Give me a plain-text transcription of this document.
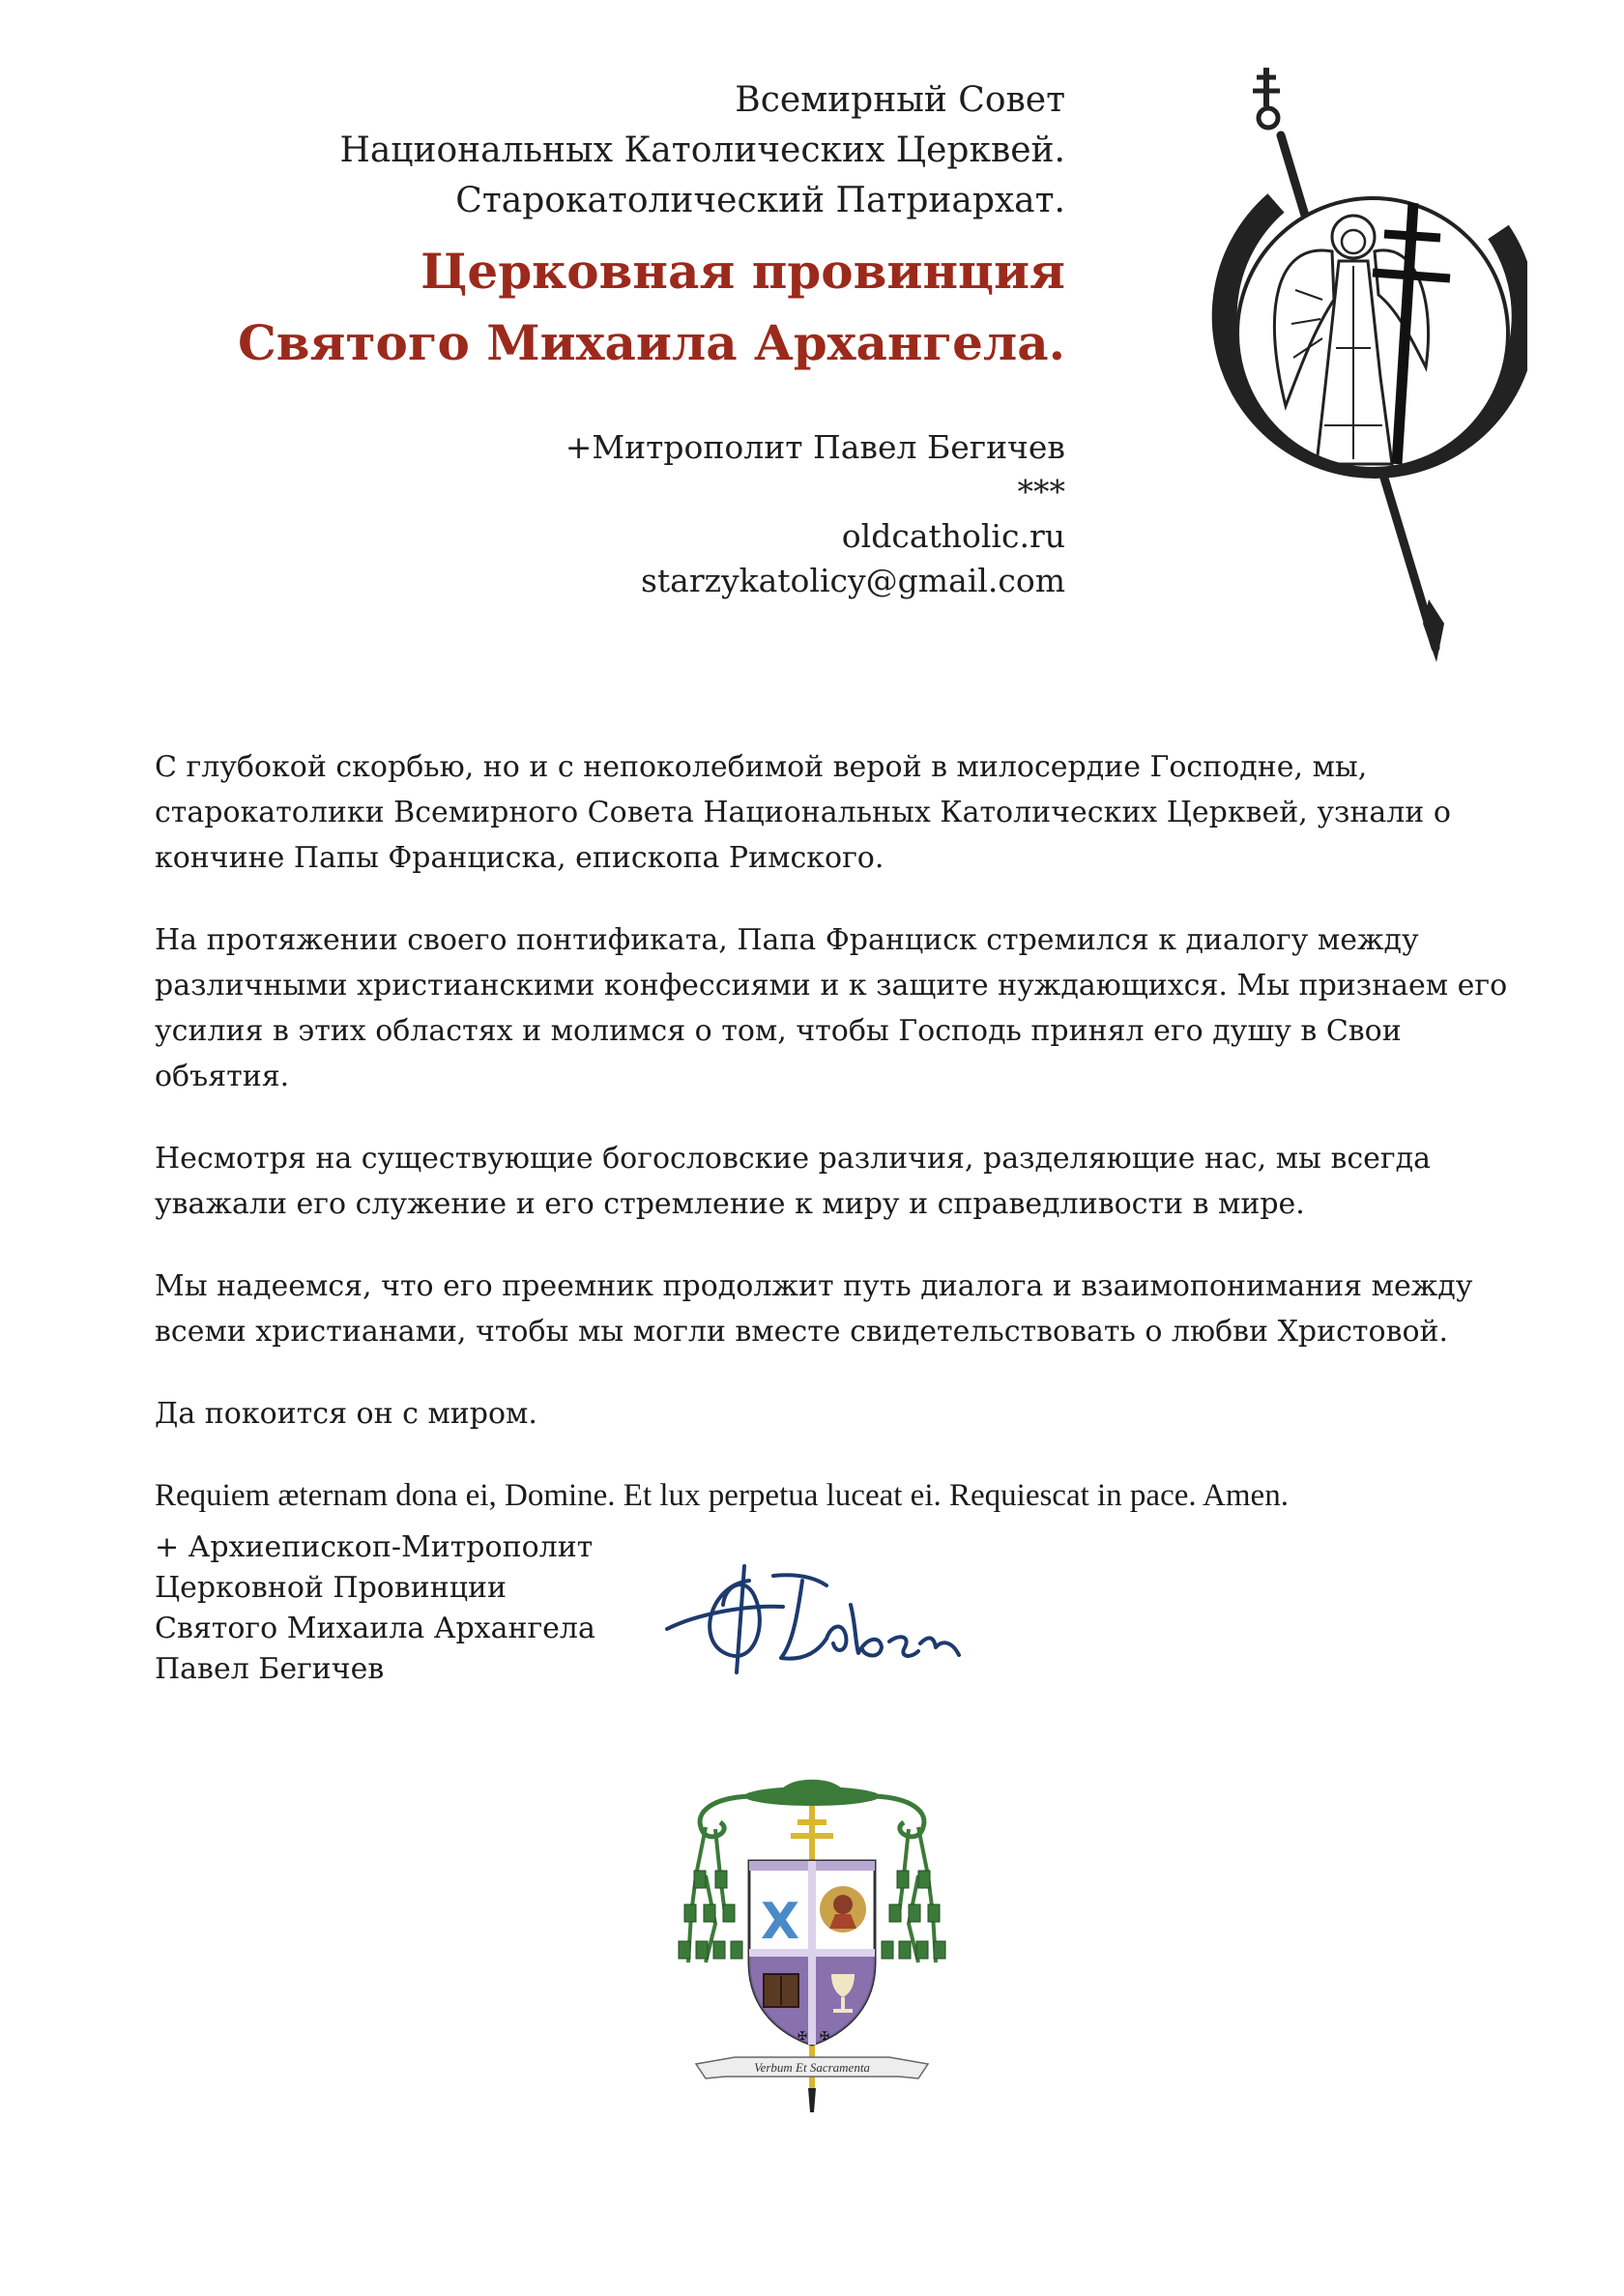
Всемирный Совет

Национальных Католических Церквей.

Старокатолический Патриархат.

Церковная провинция

Святого Михаила Архангела.

+Митрополит Павел Бегичев

***

oldcatholic.ru

starzykatolicy@gmail.com

С глубокой скорбью, но и с непоколебимой верой в милосердие Господне, мы, старокатолики Всемирного Совета Национальных Католических Церквей, узнали о кончине Папы Франциска, епископа Римского.

На протяжении своего понтификата, Папа Франциск стремился к диалогу между различными христианскими конфессиями и к защите нуждающихся. Мы признаем его усилия в этих областях и молимся о том, чтобы Господь принял его душу в Свои объятия.

Несмотря на существующие богословские различия, разделяющие нас, мы всегда уважали его служение и его стремление к миру и справедливости в мире.

Мы надеемся, что его преемник продолжит путь диалога и взаимопонимания между всеми христианами, чтобы мы могли вместе свидетельствовать о любви Христовой.

Да покоится он с миром.

Requiem æternam dona ei, Domine. Et lux perpetua luceat ei. Requiescat in pace. Amen.

+ Архиепископ-Митрополит

Церковной Провинции

Святого Михаила Архангела

Павел Бегичев

X
✠ ✠
Verbum Et Sacramenta
